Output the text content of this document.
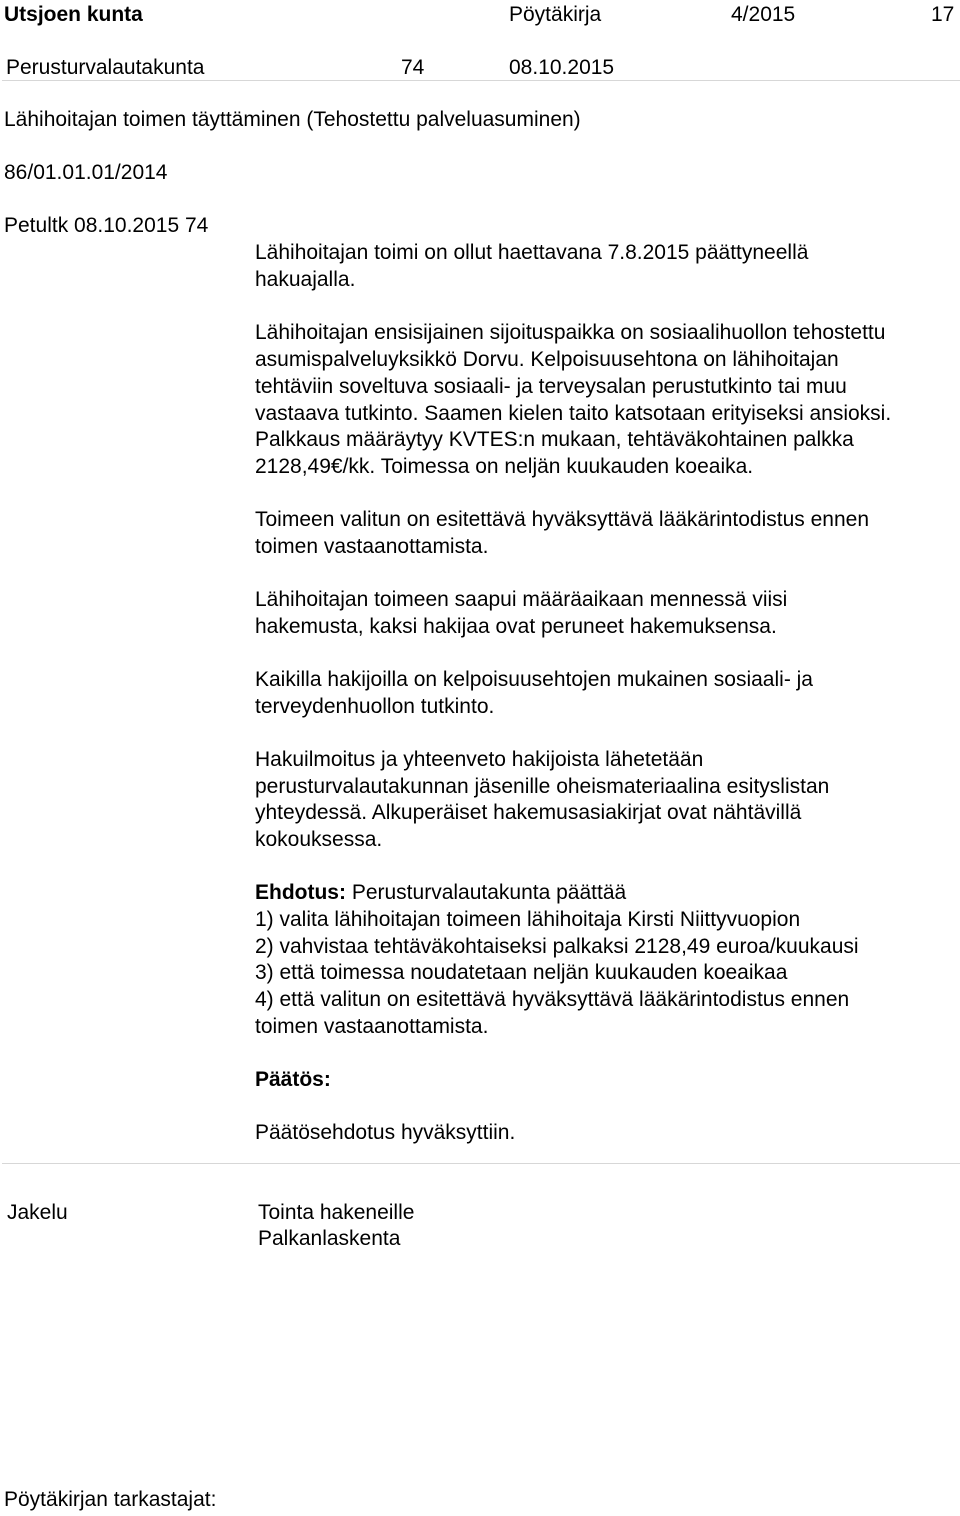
Utsjoen kunta	Pöytäkirja	4/2015	17
Perusturvalautakunta	74	08.10.2015
Lähihoitajan toimen täyttäminen (Tehostettu palveluasuminen)
86/01.01.01/2014
Petultk 08.10.2015 74
Lähihoitajan toimi on ollut haettavana 7.8.2015 päättyneellä
hakuajalla.
Lähihoitajan ensisijainen sijoituspaikka on sosiaalihuollon tehostettu
asumispalveluyksikkö Dorvu. Kelpoisuusehtona on lähihoitajan
tehtäviin soveltuva sosiaali- ja terveysalan perustutkinto tai muu
vastaava tutkinto. Saamen kielen taito katsotaan erityiseksi ansioksi.
Palkkaus määräytyy KVTES:n mukaan, tehtäväkohtainen palkka
2128,49€/kk. Toimessa on neljän kuukauden koeaika.
Toimeen valitun on esitettävä hyväksyttävä lääkärintodistus ennen
toimen vastaanottamista.
Lähihoitajan toimeen saapui määräaikaan mennessä viisi
hakemusta, kaksi hakijaa ovat peruneet hakemuksensa.
Kaikilla hakijoilla on kelpoisuusehtojen mukainen sosiaali- ja
terveydenhuollon tutkinto.
Hakuilmoitus ja yhteenveto hakijoista lähetetään
perusturvalautakunnan jäsenille oheismateriaalina esityslistan
yhteydessä. Alkuperäiset hakemusasiakirjat ovat nähtävillä
kokouksessa.
Ehdotus: Perusturvalautakunta päättää
1) valita lähihoitajan toimeen lähihoitaja Kirsti Niittyvuopion
2) vahvistaa tehtäväkohtaiseksi palkaksi 2128,49 euroa/kuukausi
3) että toimessa noudatetaan neljän kuukauden koeaikaa
4) että valitun on esitettävä hyväksyttävä lääkärintodistus ennen
toimen vastaanottamista.
Päätös:
Päätösehdotus hyväksyttiin.
Jakelu	Tointa hakeneille
Palkanlaskenta
Pöytäkirjan tarkastajat:
